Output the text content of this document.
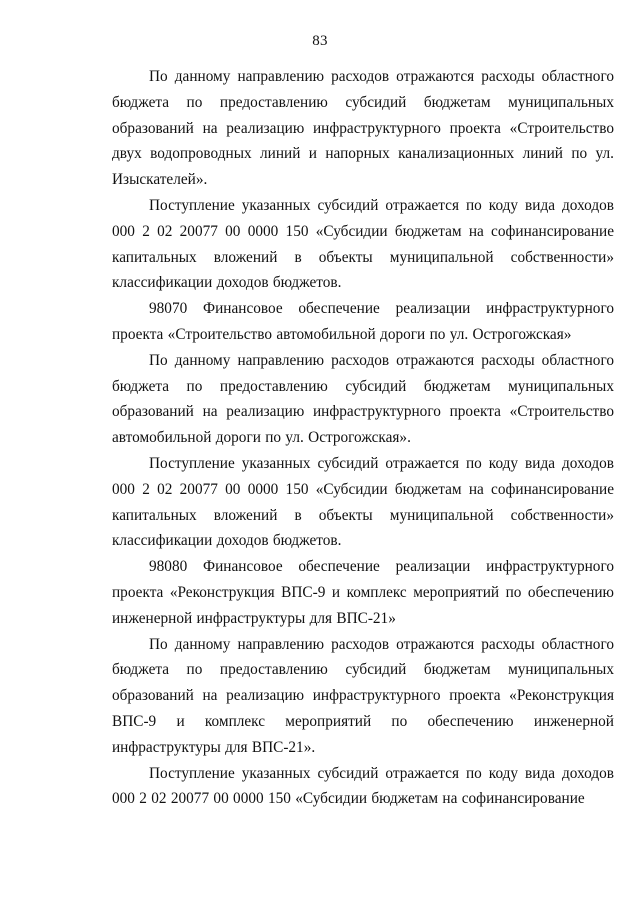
83

По данному направлению расходов отражаются расходы областного бюджета по предоставлению субсидий бюджетам муниципальных образований на реализацию инфраструктурного проекта «Строительство двух водопроводных линий и напорных канализационных линий по ул. Изыскателей».

Поступление указанных субсидий отражается по коду вида доходов 000 2 02 20077 00 0000 150 «Субсидии бюджетам на софинансирование капитальных вложений в объекты муниципальной собственности» классификации доходов бюджетов.

98070 Финансовое обеспечение реализации инфраструктурного проекта «Строительство автомобильной дороги по ул. Острогожская»

По данному направлению расходов отражаются расходы областного бюджета по предоставлению субсидий бюджетам муниципальных образований на реализацию инфраструктурного проекта «Строительство автомобильной дороги по ул. Острогожская».

Поступление указанных субсидий отражается по коду вида доходов 000 2 02 20077 00 0000 150 «Субсидии бюджетам на софинансирование капитальных вложений в объекты муниципальной собственности» классификации доходов бюджетов.

98080 Финансовое обеспечение реализации инфраструктурного проекта «Реконструкция ВПС-9 и комплекс мероприятий по обеспечению инженерной инфраструктуры для ВПС-21»

По данному направлению расходов отражаются расходы областного бюджета по предоставлению субсидий бюджетам муниципальных образований на реализацию инфраструктурного проекта «Реконструкция ВПС-9 и комплекс мероприятий по обеспечению инженерной инфраструктуры для ВПС-21».

Поступление указанных субсидий отражается по коду вида доходов 000 2 02 20077 00 0000 150 «Субсидии бюджетам на софинансирование
